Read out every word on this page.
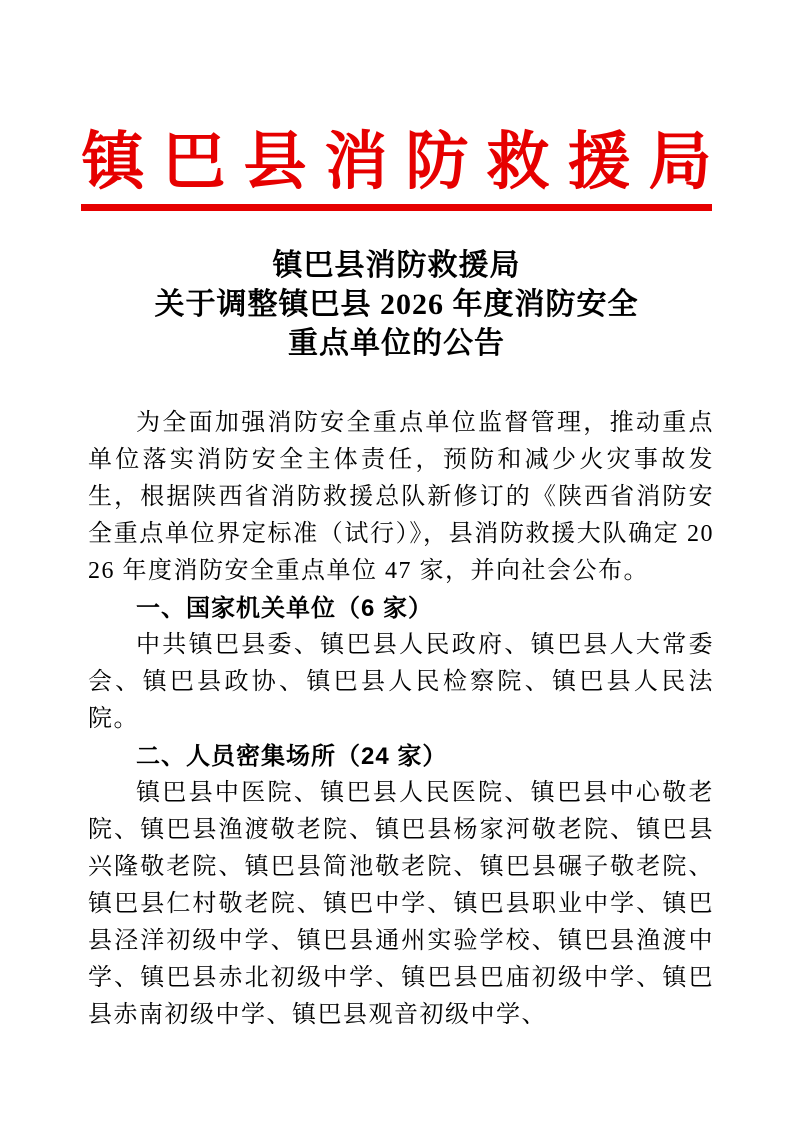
镇巴县消防救援局
镇巴县消防救援局
关于调整镇巴县 2026 年度消防安全
重点单位的公告

为全面加强消防安全重点单位监督管理，推动重点单位落实消防安全主体责任，预防和减少火灾事故发生，根据陕西省消防救援总队新修订的《陕西省消防安全重点单位界定标准（试行）》，县消防救援大队确定 2026 年度消防安全重点单位 47 家，并向社会公布。

一、国家机关单位（6 家）

中共镇巴县委、镇巴县人民政府、镇巴县人大常委会、镇巴县政协、镇巴县人民检察院、镇巴县人民法院。

二、人员密集场所（24 家）

镇巴县中医院、镇巴县人民医院、镇巴县中心敬老院、镇巴县渔渡敬老院、镇巴县杨家河敬老院、镇巴县兴隆敬老院、镇巴县简池敬老院、镇巴县碾子敬老院、镇巴县仁村敬老院、镇巴中学、镇巴县职业中学、镇巴县泾洋初级中学、镇巴县通州实验学校、镇巴县渔渡中学、镇巴县赤北初级中学、镇巴县巴庙初级中学、镇巴县赤南初级中学、镇巴县观音初级中学、
